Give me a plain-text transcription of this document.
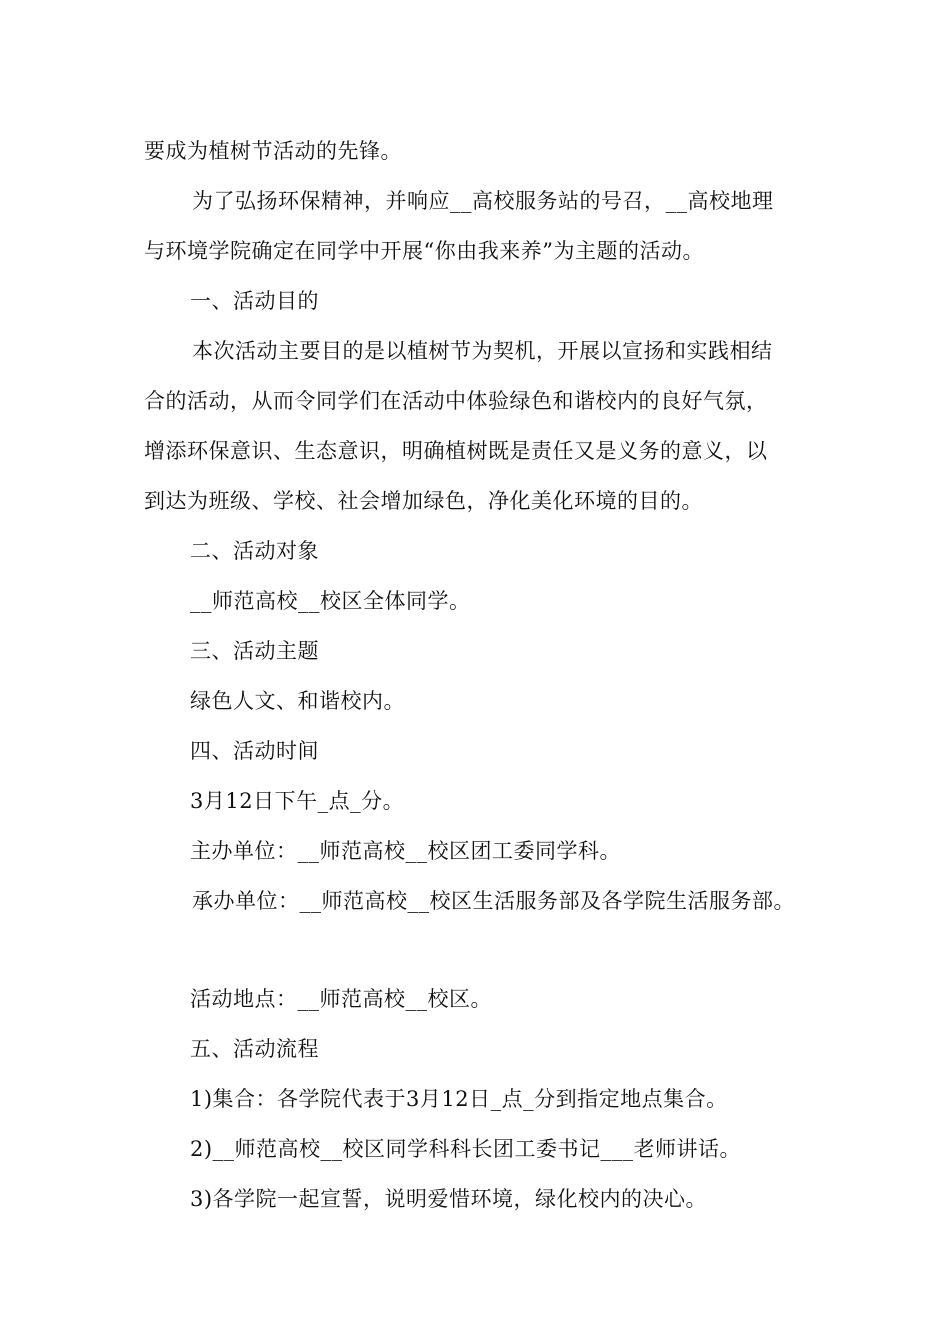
要成为植树节活动的先锋。
为了弘扬环保精神，并响应__高校服务站的号召，__高校地理
与环境学院确定在同学中开展“你由我来养”为主题的活动。
一、活动目的
本次活动主要目的是以植树节为契机，开展以宣扬和实践相结
合的活动，从而令同学们在活动中体验绿色和谐校内的良好气氛，
增添环保意识、生态意识，明确植树既是责任又是义务的意义，以
到达为班级、学校、社会增加绿色，净化美化环境的目的。
二、活动对象
__师范高校__校区全体同学。
三、活动主题
绿色人文、和谐校内。
四、活动时间
3月12日下午_点_分。
主办单位：__师范高校__校区团工委同学科。
承办单位：__师范高校__校区生活服务部及各学院生活服务部。
活动地点：__师范高校__校区。
五、活动流程
1)集合：各学院代表于3月12日_点_分到指定地点集合。
2)__师范高校__校区同学科科长团工委书记___老师讲话。
3)各学院一起宣誓，说明爱惜环境，绿化校内的决心。
